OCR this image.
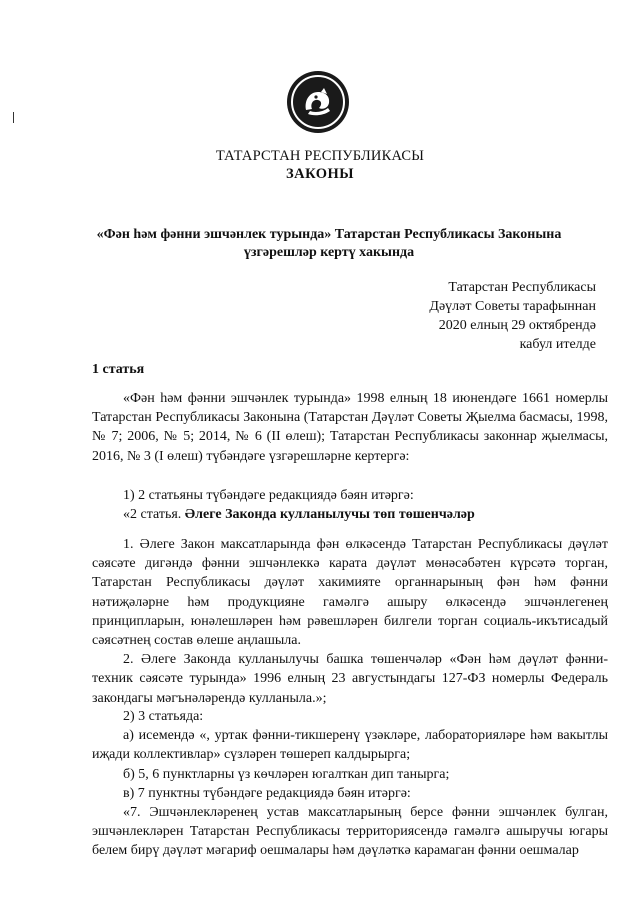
ТАТАРСТАН РЕСПУБЛИКАСЫ
ЗАКОНЫ
«Фән һәм фәнни эшчәнлек турында» Татарстан Республикасы Законына
үзгәрешләр кертү хакында
Татарстан Республикасы
Дәүләт Советы тарафыннан
2020 елның 29 октябрендә
кабул ителде
1 статья

«Фән һәм фәнни эшчәнлек турында» 1998 елның 18 июнендәге 1661 номерлы Татарстан Республикасы Законына (Татарстан Дәүләт Советы Җыелма басмасы, 1998, № 7; 2006, № 5; 2014, № 6 (II өлеш); Татарстан Республикасы законнар җыелмасы, 2016, № 3 (I өлеш) түбәндәге үзгәрешләрне кертергә:

1) 2 статьяны түбәндәге редакциядә бәян итәргә:

«2 статья. Әлеге Законда кулланылучы төп төшенчәләр

1. Әлеге Закон максатларында фән өлкәсендә Татарстан Республикасы дәүләт сәясәте дигәндә фәнни эшчәнлеккә карата дәүләт мөнәсәбәтен күрсәтә торган, Татарстан Республикасы дәүләт хакимияте органнарының фән һәм фәнни нәтиҗәләрне һәм продукцияне гамәлгә ашыру өлкәсендә эшчәнлегенең принципларын, юнәлешләрен һәм рәвешләрен билгели торган социаль-икътисадый сәясәтнең состав өлеше аңлашыла.

2. Әлеге Законда кулланылучы башка төшенчәләр «Фән һәм дәүләт фәнни-техник сәясәте турында» 1996 елның 23 августындагы 127-ФЗ номерлы Федераль закондагы мәгънәләрендә кулланыла.»;

2) 3 статьяда:

а) исемендә «, уртак фәнни-тикшеренү үзәкләре, лабораторияләре һәм вакытлы иҗади коллективлар» сүзләрен төшереп калдырырга;

б) 5, 6 пунктларны үз көчләрен югалткан дип танырга;

в) 7 пунктны түбәндәге редакциядә бәян итәргә:

«7. Эшчәнлекләренең устав максатларының берсе фәнни эшчәнлек булган, эшчәнлекләрен Татарстан Республикасы территориясендә гамәлгә ашыручы югары белем бирү дәүләт мәгариф оешмалары һәм дәүләткә карамаган фәнни оешмалар
